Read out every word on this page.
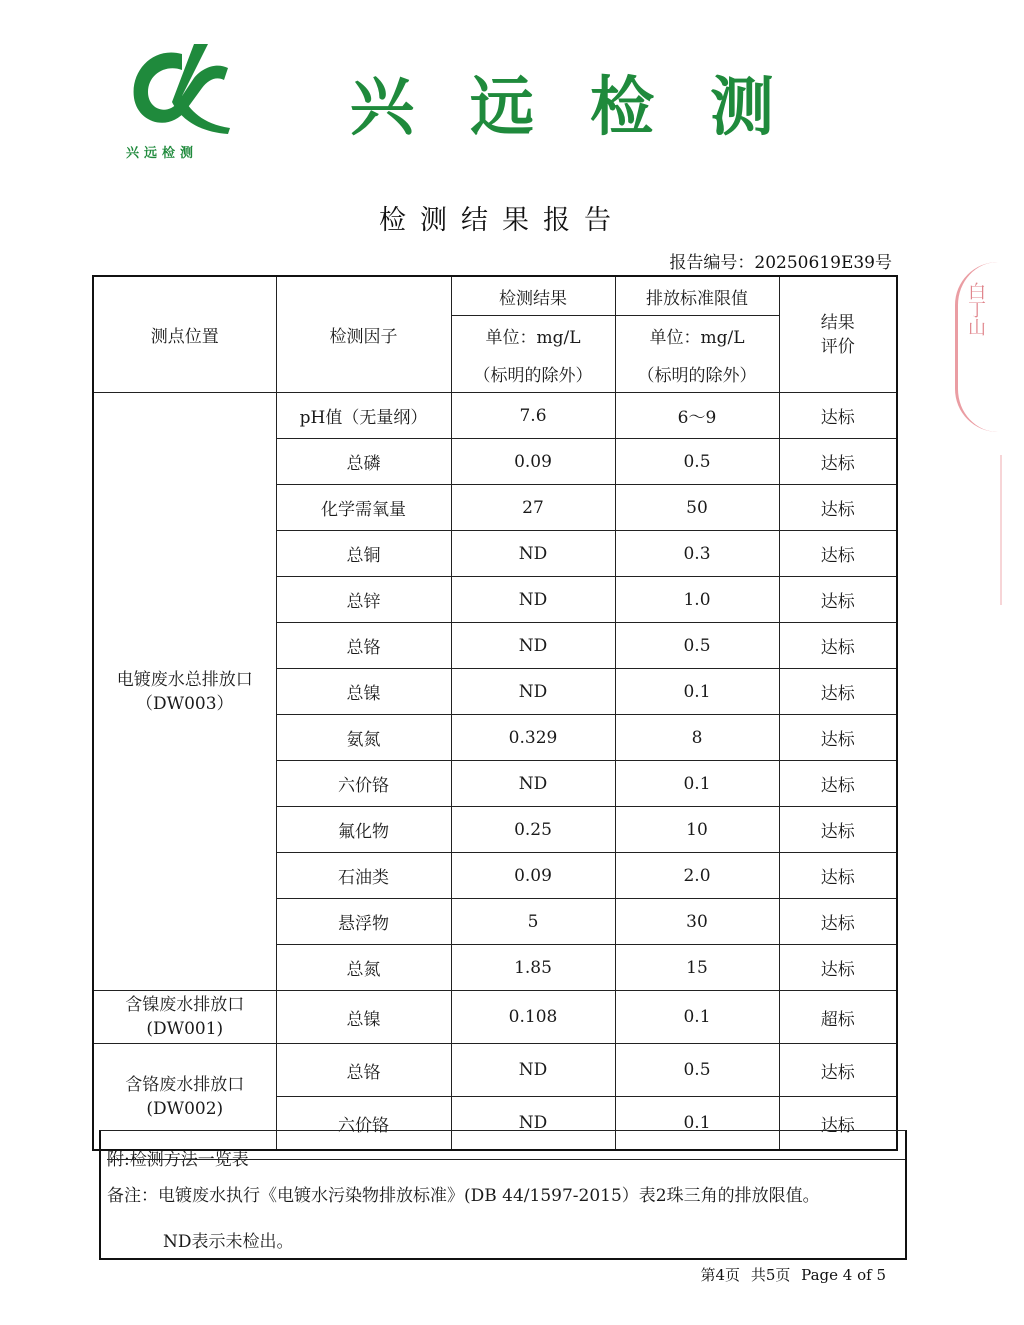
兴远检测
兴远检测
检测结果报告
报告编号：20250619E39号
白丁山
测点位置	检测因子	检测结果	排放标准限值	结果
评价
		单位：mg/L	单位：mg/L	
		（标明的除外）	（标明的除外）	

电镀废水总排放口
（DW003）	pH值（无量纲）	7.6	6～9	达标
	总磷	0.09	0.5	达标
	化学需氧量	27	50	达标
	总铜	ND	0.3	达标
	总锌	ND	1.0	达标
	总铬	ND	0.5	达标
	总镍	ND	0.1	达标
	氨氮	0.329	8	达标
	六价铬	ND	0.1	达标
	氟化物	0.25	10	达标
	石油类	0.09	2.0	达标
	悬浮物	5	30	达标
	总氮	1.85	15	达标

含镍废水排放口
(DW001)	总镍	0.108	0.1	超标

含铬废水排放口
(DW002)	总铬	ND	0.5	达标
	六价铬	ND	0.1	达标
附:检测方法一览表
备注：电镀废水执行《电镀水污染物排放标准》(DB 44/1597-2015）表2珠三角的排放限值。
ND表示未检出。
第4页 共5页 Page 4 of 5
